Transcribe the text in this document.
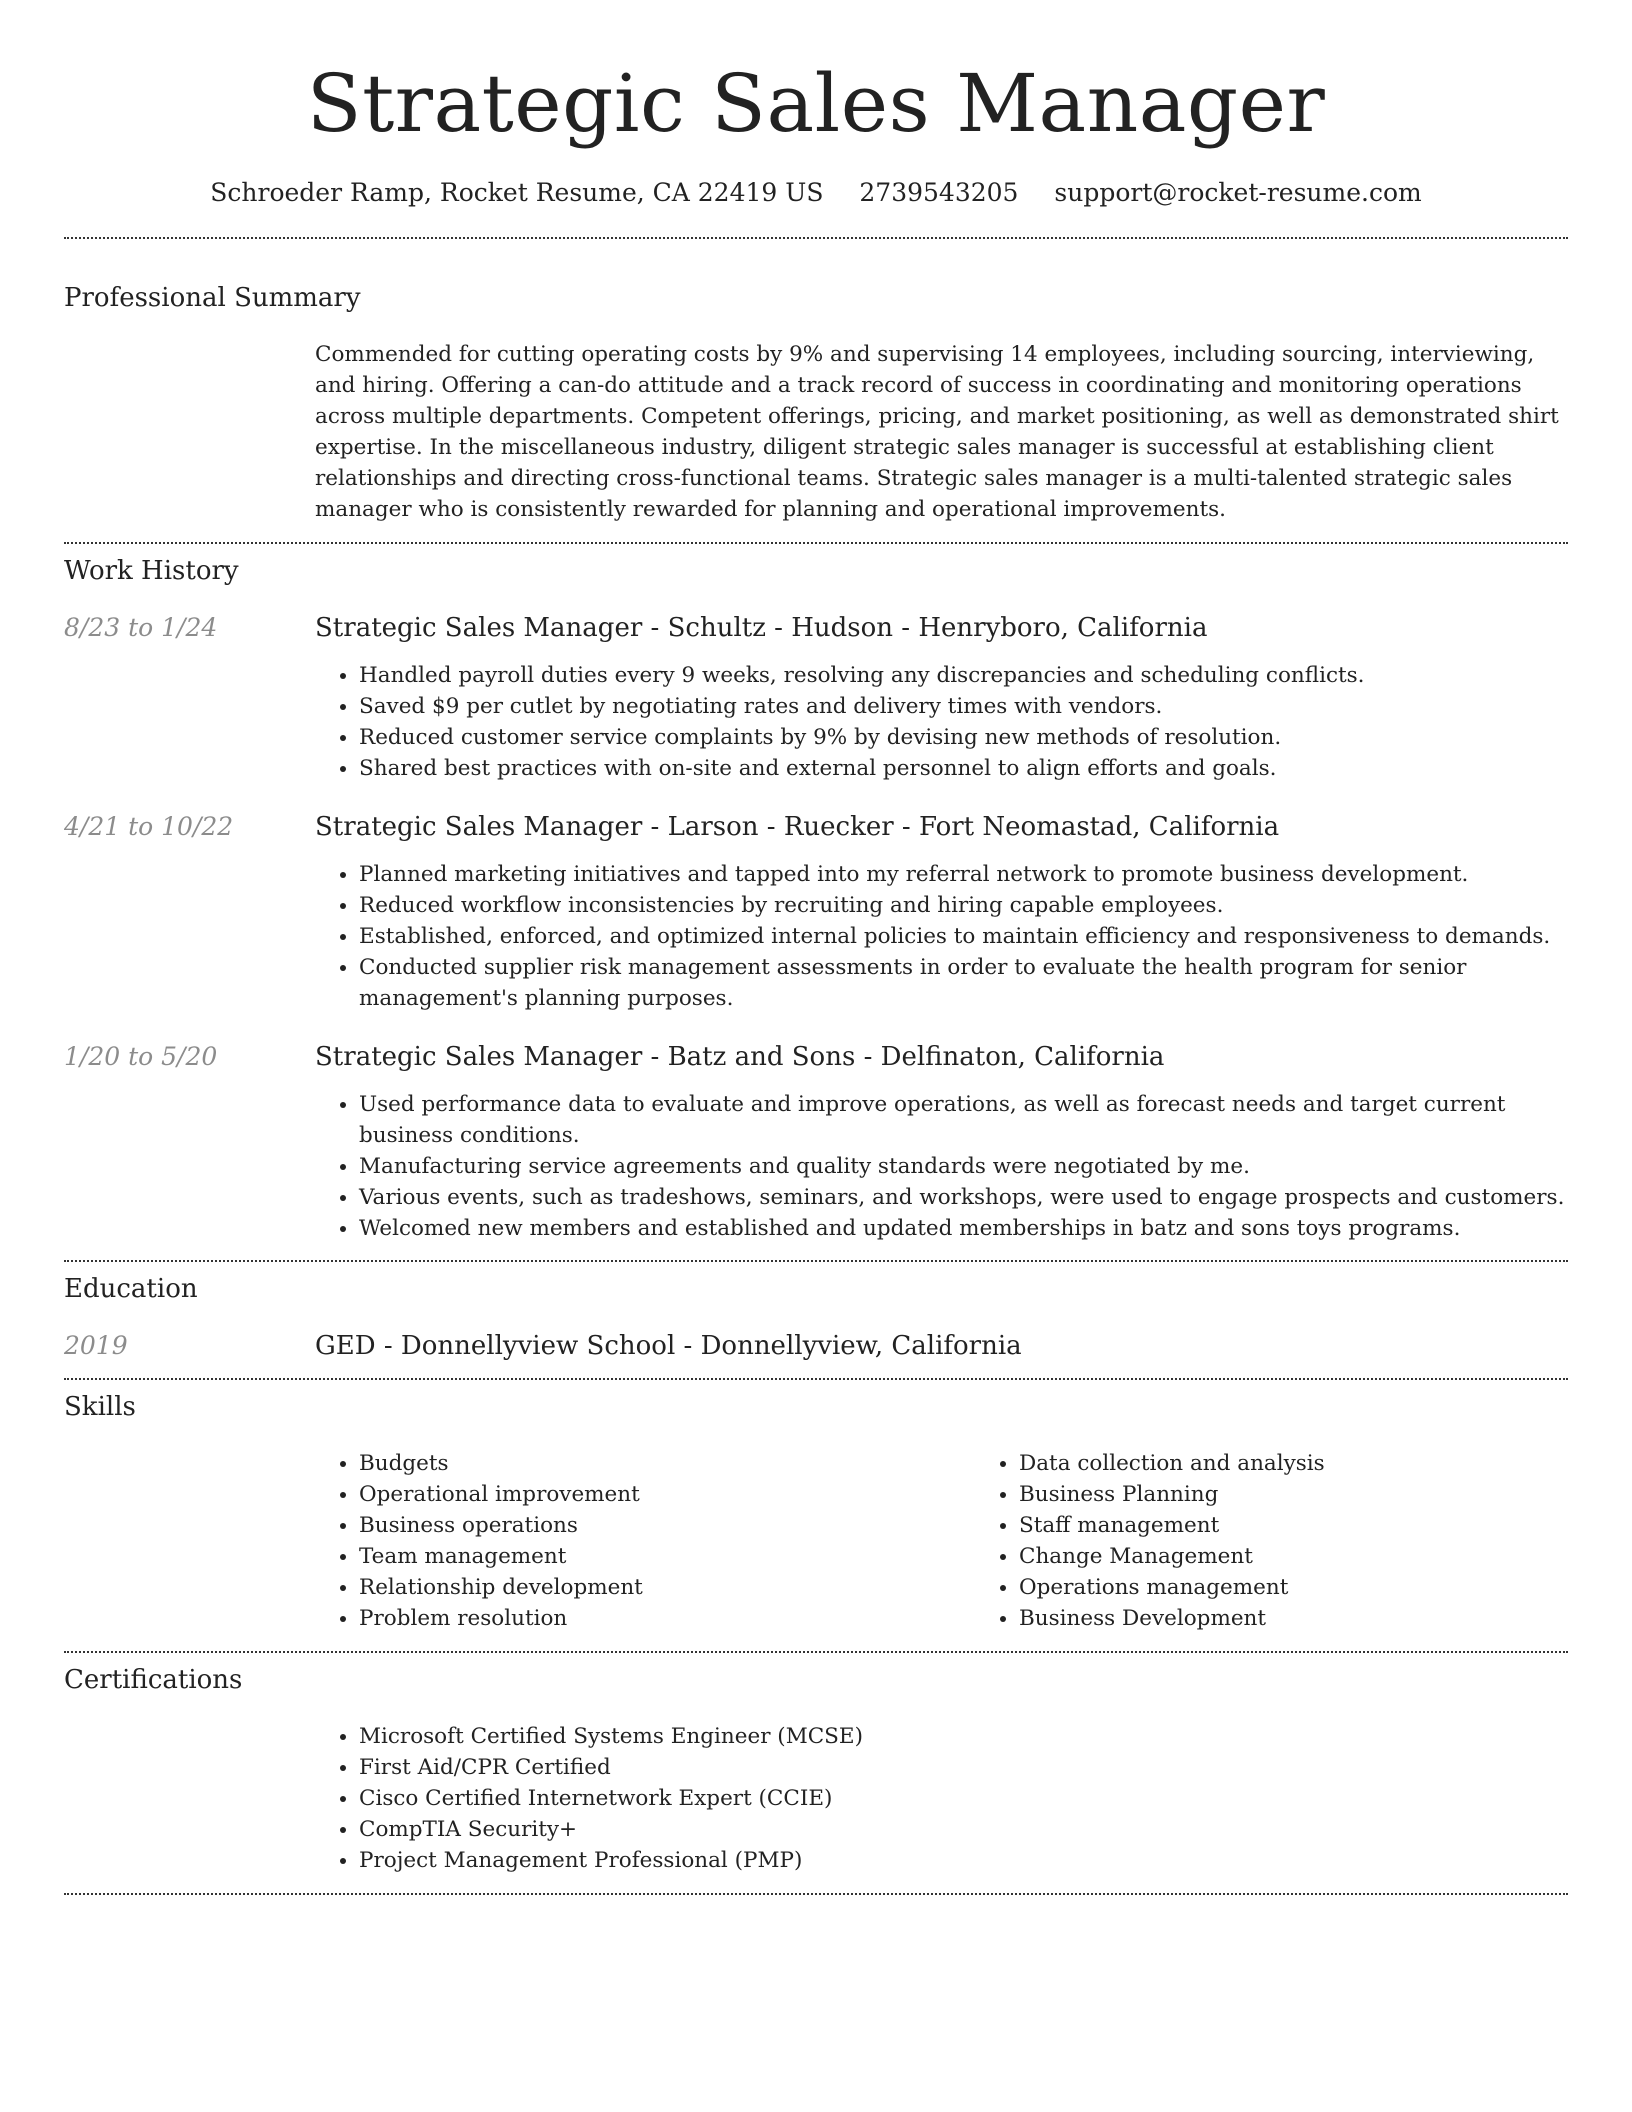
Strategic Sales Manager
Schroeder Ramp, Rocket Resume, CA 22419 US 2739543205 support@rocket-resume.com
Professional Summary
Commended for cutting operating costs by 9% and supervising 14 employees, including sourcing, interviewing, and hiring. Offering a can-do attitude and a track record of success in coordinating and monitoring operations across multiple departments. Competent offerings, pricing, and market positioning, as well as demonstrated shirt expertise. In the miscellaneous industry, diligent strategic sales manager is successful at establishing client relationships and directing cross-functional teams. Strategic sales manager is a multi-talented strategic sales manager who is consistently rewarded for planning and operational improvements.
Work History
8/23 to 1/24	Strategic Sales Manager - Schultz - Hudson - Henryboro, California
• Handled payroll duties every 9 weeks, resolving any discrepancies and scheduling conflicts.
• Saved $9 per cutlet by negotiating rates and delivery times with vendors.
• Reduced customer service complaints by 9% by devising new methods of resolution.
• Shared best practices with on-site and external personnel to align efforts and goals.
4/21 to 10/22	Strategic Sales Manager - Larson - Ruecker - Fort Neomastad, California
• Planned marketing initiatives and tapped into my referral network to promote business development.
• Reduced workflow inconsistencies by recruiting and hiring capable employees.
• Established, enforced, and optimized internal policies to maintain efficiency and responsiveness to demands.
• Conducted supplier risk management assessments in order to evaluate the health program for senior management's planning purposes.
1/20 to 5/20	Strategic Sales Manager - Batz and Sons - Delfinaton, California
• Used performance data to evaluate and improve operations, as well as forecast needs and target current business conditions.
• Manufacturing service agreements and quality standards were negotiated by me.
• Various events, such as tradeshows, seminars, and workshops, were used to engage prospects and customers.
• Welcomed new members and established and updated memberships in batz and sons toys programs.
Education
2019	GED - Donnellyview School - Donnellyview, California
Skills
• Budgets
• Operational improvement
• Business operations
• Team management
• Relationship development
• Problem resolution
• Data collection and analysis
• Business Planning
• Staff management
• Change Management
• Operations management
• Business Development
Certifications
• Microsoft Certified Systems Engineer (MCSE)
• First Aid/CPR Certified
• Cisco Certified Internetwork Expert (CCIE)
• CompTIA Security+
• Project Management Professional (PMP)
